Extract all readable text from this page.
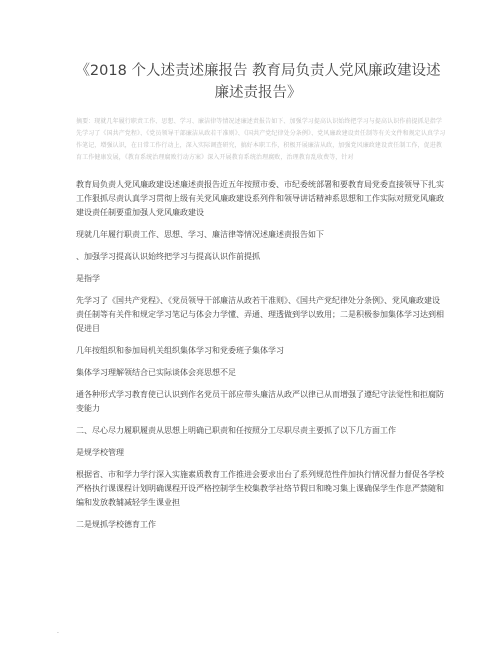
《2018 个人述责述廉报告 教育局负责人党风廉政建设述廉述责报告》
摘要：现就几年履行职责工作、思想、学习、廉洁律等情况述廉述责报告如下、加强学习提高认识始终把学习与提高认识作前提抓是指学先学习了《国共产党程》、《党员领导干部廉洁从政若干准则》、《国共产党纪律处分条例》、党风廉政建设责任制等有关文件和规定认真学习作笔记，增强认识，在日常工作行动上，深入实际调查研究，搞好本职工作，积极开展廉洁从政，加强党风廉政建设责任制工作，促进教育工作健康发展，《教育系统治理腐败行动方案》深入开展教育系统治理腐败，治理教育乱收费等，针对

教育局负责人党风廉政建设述廉述责报告近五年按照市委、市纪委统部署和要教育局党委直接领导下扎实工作狠抓尽责认真学习贯彻上级有关党风廉政建设系列件和领导讲话精神系思想和工作实际对照党风廉政建设责任制要重加强人党风廉政建设

现就几年履行职责工作、思想、学习、廉洁律等情况述廉述责报告如下

、加强学习提高认识始终把学习与提高认识作前提抓

是指学

先学习了《国共产党程》、《党员领导干部廉洁从政若干准则》、《国共产党纪律处分条例》、党风廉政建设责任制等有关件和规定学习笔记与体会力学懂、弄通、理透做到学以致用；二是积极参加集体学习达到相促进目

几年按组织和参加局机关组织集体学习和党委班子集体学习

集体学习理解领结合已实际谈体会亮思想不足

通各种形式学习教育使已认识到作名党员干部应带头廉洁从政严以律已从而增强了遵纪守法觉性和拒腐防变能力

二、尽心尽力履职履责从思想上明确已职责和任按照分工尽职尽责主要抓了以下几方面工作

是规学校管理

根据省、市和学力学行深入实施素质教育工作推进会要求出台了系列规范性件加执行情况督力督促各学校严格执行课课程计划明确课程开设严格控制学生校集教学社络节假日和晚习集上课确保学生作息严禁随和编和发放教辅减轻学生课业担

二是规抓学校德育工作

.
